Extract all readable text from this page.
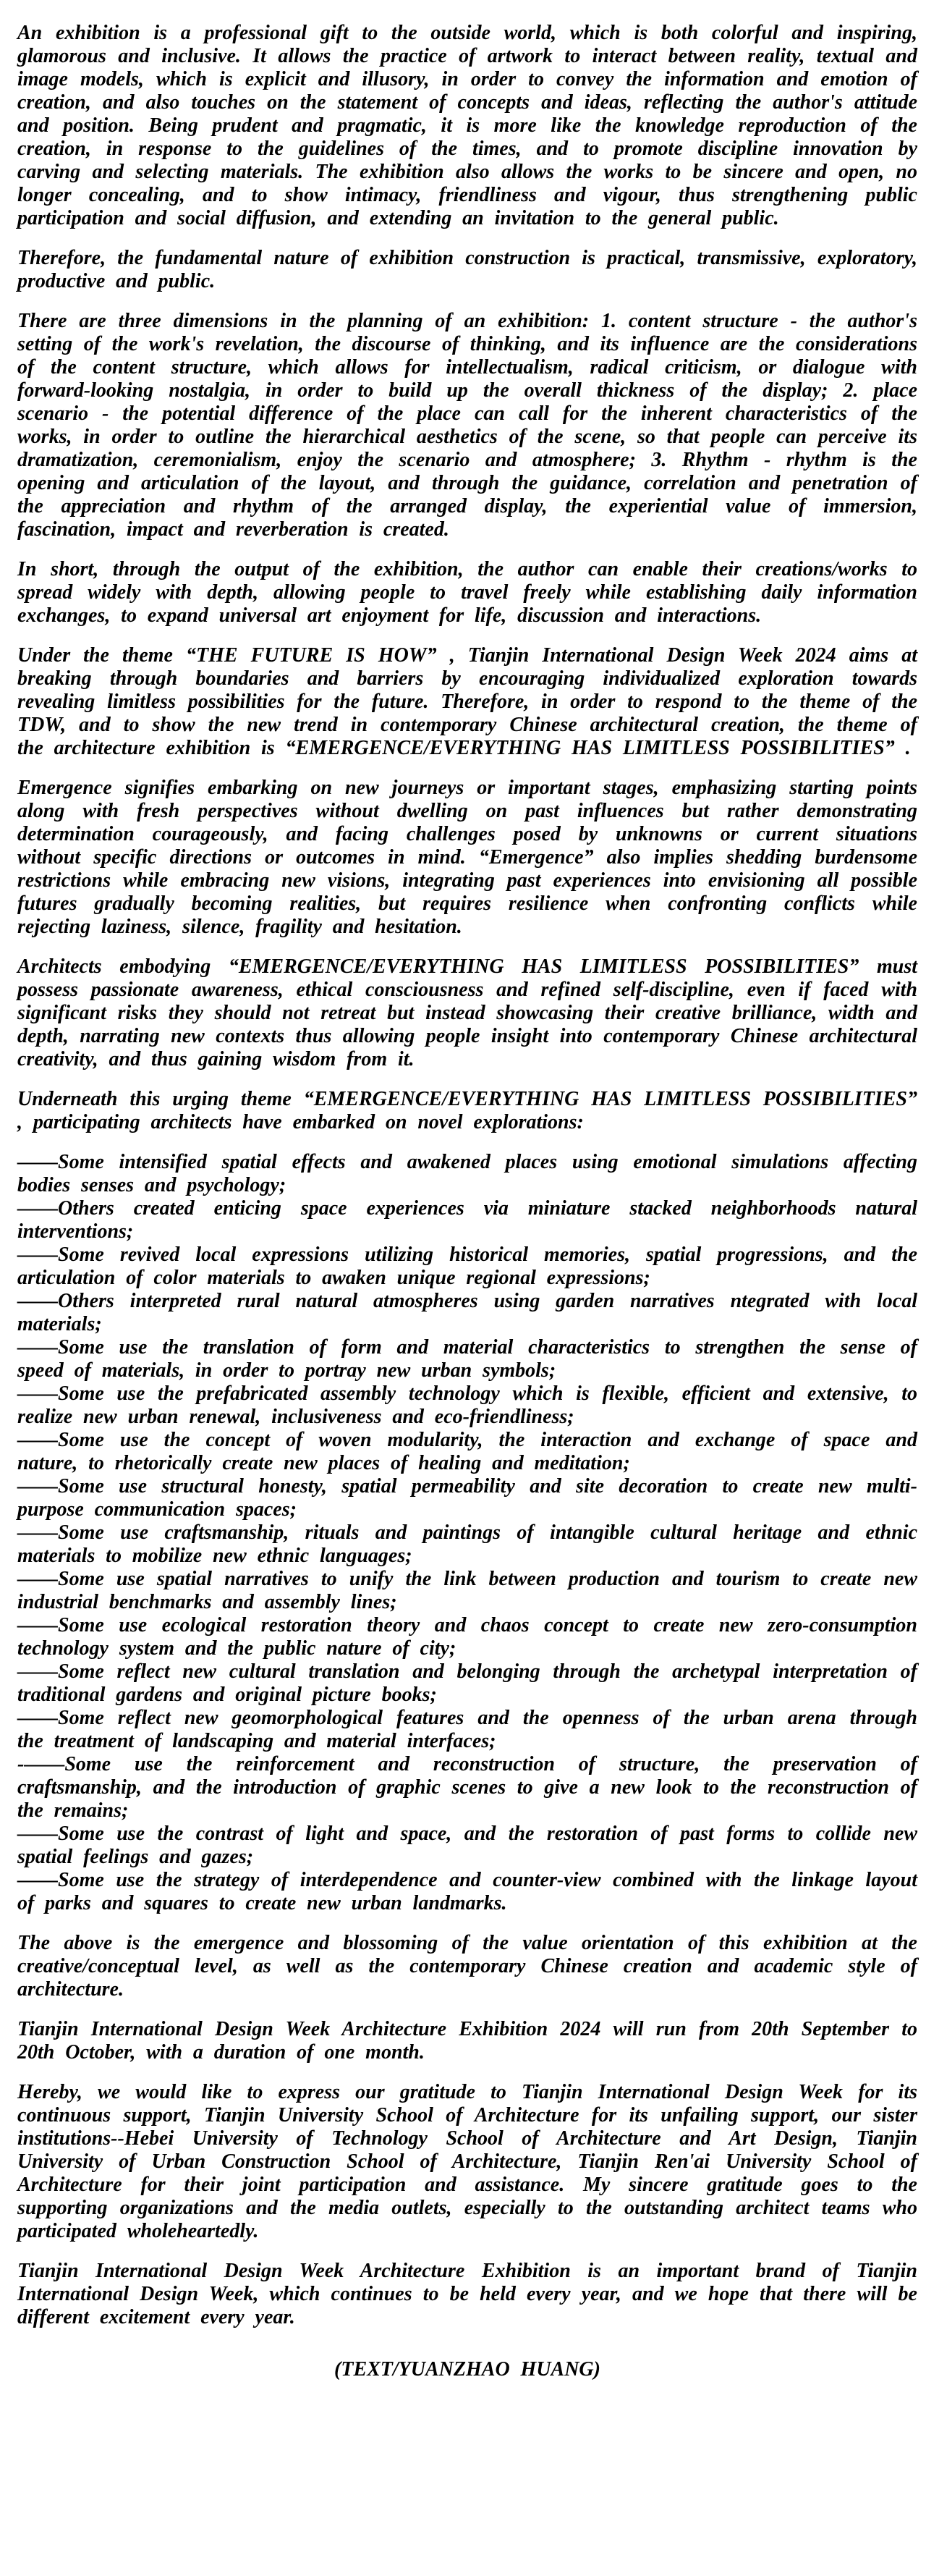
An exhibition is a professional gift to the outside world, which is both colorful and inspiring, glamorous and inclusive. It allows the practice of artwork to interact between reality, textual and image models, which is explicit and illusory, in order to convey the information and emotion of creation, and also touches on the statement of concepts and ideas, reflecting the author's attitude and position. Being prudent and pragmatic, it is more like the knowledge reproduction of the creation, in response to the guidelines of the times, and to promote discipline innovation by carving and selecting materials. The exhibition also allows the works to be sincere and open, no longer concealing, and to show intimacy, friendliness and vigour, thus strengthening public participation and social diffusion, and extending an invitation to the general public.

Therefore, the fundamental nature of exhibition construction is practical, transmissive, exploratory, productive and public.

There are three dimensions in the planning of an exhibition: 1. content structure - the author's setting of the work's revelation, the discourse of thinking, and its influence are the considerations of the content structure, which allows for intellectualism, radical criticism, or dialogue with forward-looking nostalgia, in order to build up the overall thickness of the display; 2. place scenario - the potential difference of the place can call for the inherent characteristics of the works, in order to outline the hierarchical aesthetics of the scene, so that people can perceive its dramatization, ceremonialism, enjoy the scenario and atmosphere; 3. Rhythm - rhythm is the opening and articulation of the layout, and through the guidance, correlation and penetration of the appreciation and rhythm of the arranged display, the experiential value of immersion, fascination, impact and reverberation is created.

In short, through the output of the exhibition, the author can enable their creations/works to spread widely with depth, allowing people to travel freely while establishing daily information exchanges, to expand universal art enjoyment for life, discussion and interactions.

Under the theme “THE FUTURE IS HOW” , Tianjin International Design Week 2024 aims at breaking through boundaries and barriers by encouraging individualized exploration towards revealing limitless possibilities for the future. Therefore, in order to respond to the theme of the TDW, and to show the new trend in contemporary Chinese architectural creation, the theme of the architecture exhibition is “EMERGENCE/EVERYTHING HAS LIMITLESS POSSIBILITIES” .

Emergence signifies embarking on new journeys or important stages, emphasizing starting points along with fresh perspectives without dwelling on past influences but rather demonstrating determination courageously, and facing challenges posed by unknowns or current situations without specific directions or outcomes in mind. “Emergence” also implies shedding burdensome restrictions while embracing new visions, integrating past experiences into envisioning all possible futures gradually becoming realities, but requires resilience when confronting conflicts while rejecting laziness, silence, fragility and hesitation.

Architects embodying “EMERGENCE/EVERYTHING HAS LIMITLESS POSSIBILITIES” must possess passionate awareness, ethical consciousness and refined self-discipline, even if faced with significant risks they should not retreat but instead showcasing their creative brilliance, width and depth, narrating new contexts thus allowing people insight into contemporary Chinese architectural creativity, and thus gaining wisdom from it.

Underneath this urging theme “EMERGENCE/EVERYTHING HAS LIMITLESS POSSIBILITIES” , participating architects have embarked on novel explorations:

——Some intensified spatial effects and awakened places using emotional simulations affecting bodies senses and psychology;

——Others created enticing space experiences via miniature stacked neighborhoods natural interventions;

——Some revived local expressions utilizing historical memories, spatial progressions, and the articulation of color materials to awaken unique regional expressions;

——Others interpreted rural natural atmospheres using garden narratives ntegrated with local materials;

——Some use the translation of form and material characteristics to strengthen the sense of speed of materials, in order to portray new urban symbols;

——Some use the prefabricated assembly technology which is flexible, efficient and extensive, to realize new urban renewal, inclusiveness and eco-friendliness;

——Some use the concept of woven modularity, the interaction and exchange of space and nature, to rhetorically create new places of healing and meditation;

——Some use structural honesty, spatial permeability and site decoration to create new multi-purpose communication spaces;

——Some use craftsmanship, rituals and paintings of intangible cultural heritage and ethnic materials to mobilize new ethnic languages;

——Some use spatial narratives to unify the link between production and tourism to create new industrial benchmarks and assembly lines;

——Some use ecological restoration theory and chaos concept to create new zero-consumption technology system and the public nature of city;

——Some reflect new cultural translation and belonging through the archetypal interpretation of traditional gardens and original picture books;

——Some reflect new geomorphological features and the openness of the urban arena through the treatment of landscaping and material interfaces;

-——Some use the reinforcement and reconstruction of structure, the preservation of craftsmanship, and the introduction of graphic scenes to give a new look to the reconstruction of the remains;

——Some use the contrast of light and space, and the restoration of past forms to collide new spatial feelings and gazes;

——Some use the strategy of interdependence and counter-view combined with the linkage layout of parks and squares to create new urban landmarks.

The above is the emergence and blossoming of the value orientation of this exhibition at the creative/conceptual level, as well as the contemporary Chinese creation and academic style of architecture.

Tianjin International Design Week Architecture Exhibition 2024 will run from 20th September to 20th October, with a duration of one month.

Hereby, we would like to express our gratitude to Tianjin International Design Week for its continuous support, Tianjin University School of Architecture for its unfailing support, our sister institutions--Hebei University of Technology School of Architecture and Art Design, Tianjin University of Urban Construction School of Architecture, Tianjin Ren'ai University School of Architecture for their joint participation and assistance. My sincere gratitude goes to the supporting organizations and the media outlets, especially to the outstanding architect teams who participated wholeheartedly.

Tianjin International Design Week Architecture Exhibition is an important brand of Tianjin International Design Week, which continues to be held every year, and we hope that there will be different excitement every year.

(TEXT/YUANZHAO HUANG)
